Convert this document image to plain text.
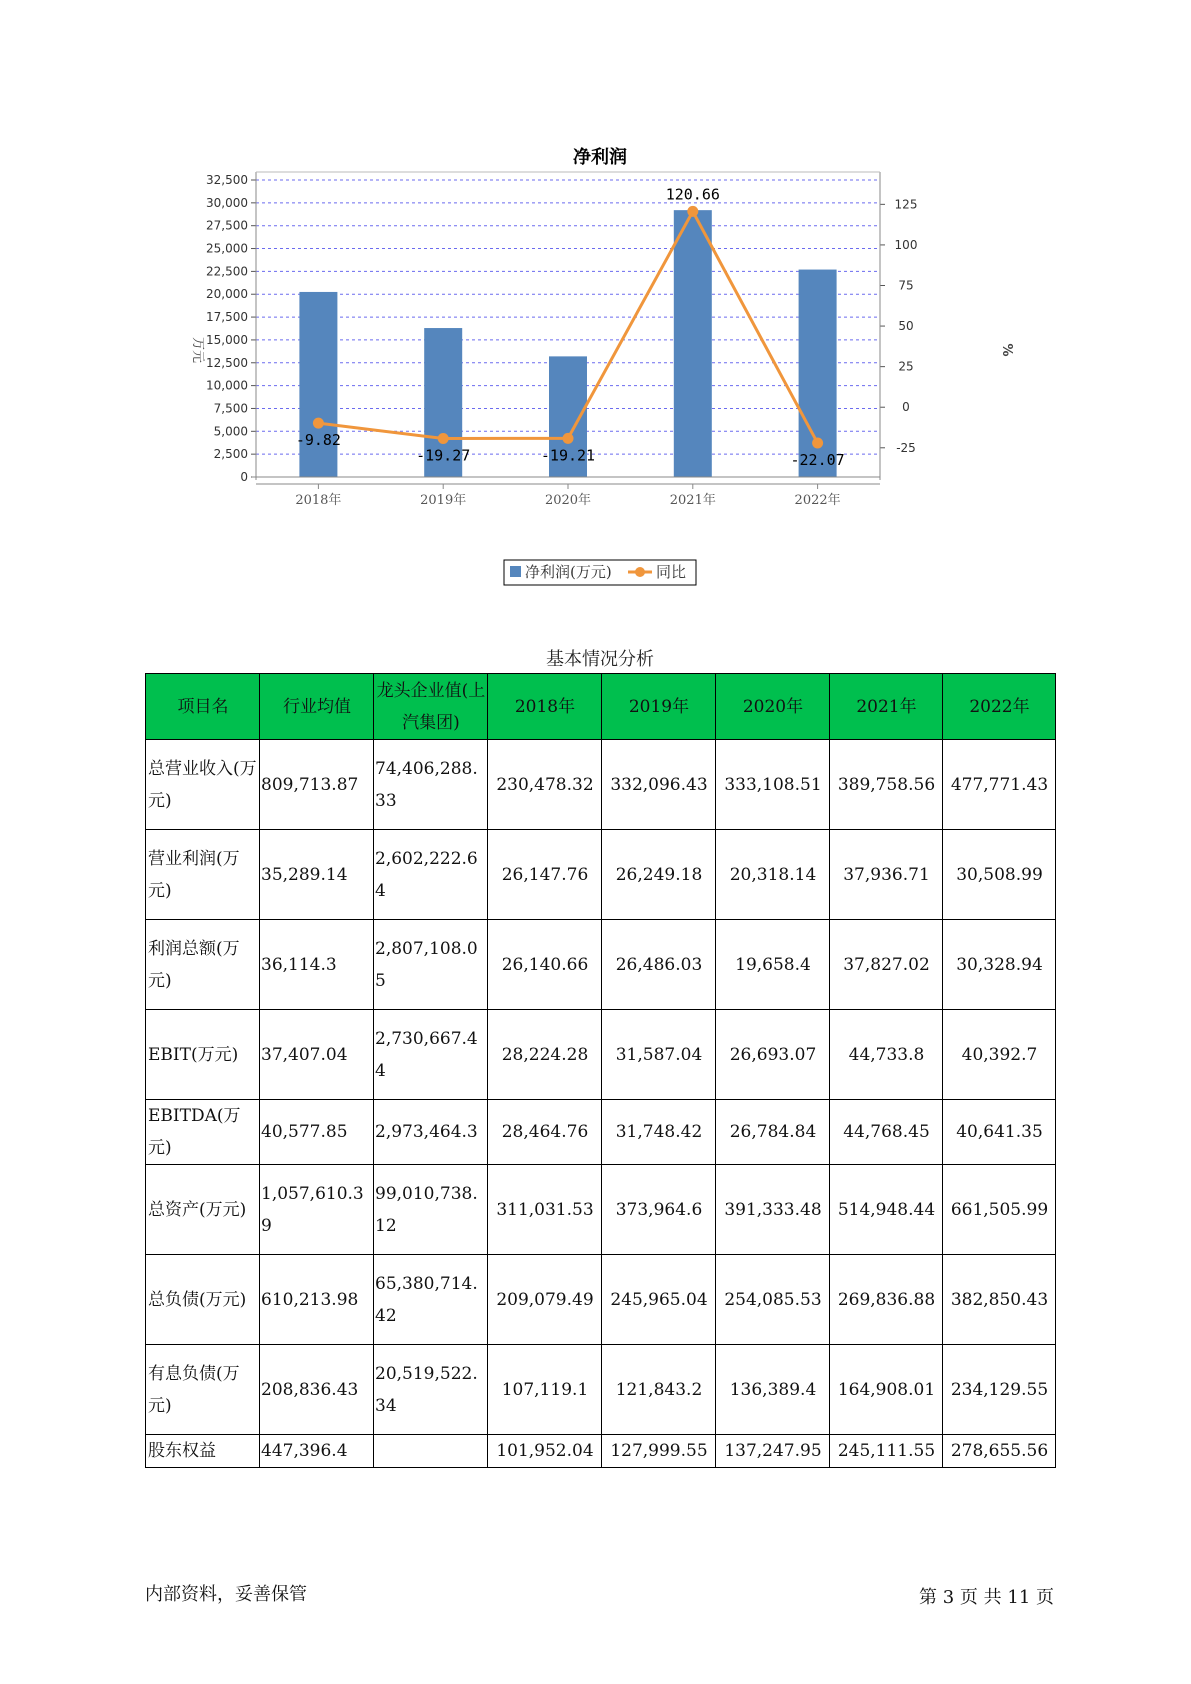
净利润
0
2,500
5,000
7,500
10,000
12,500
15,000
17,500
20,000
22,500
25,000
27,500
30,000
32,500
-25
0
25
50
75
100
125
万元	%
2018年	2019年	2020年	2021年	2022年
-9.82
-19.27	-19.21
120.66
-22.07
净利润(万元)	同比
基本情况分析
项目名	行业均值	龙头企业值(上汽集团)	2018年	2019年	2020年	2021年	2022年
总营业收入(万元)	809,713.87	74,406,288.33	230,478.32	332,096.43	333,108.51	389,758.56	477,771.43
营业利润(万元)	35,289.14	2,602,222.64	26,147.76	26,249.18	20,318.14	37,936.71	30,508.99
利润总额(万元)	36,114.3	2,807,108.05	26,140.66	26,486.03	19,658.4	37,827.02	30,328.94
EBIT(万元)	37,407.04	2,730,667.44	28,224.28	31,587.04	26,693.07	44,733.8	40,392.7
EBITDA(万元)	40,577.85	2,973,464.3	28,464.76	31,748.42	26,784.84	44,768.45	40,641.35
总资产(万元)	1,057,610.39	99,010,738.12	311,031.53	373,964.6	391,333.48	514,948.44	661,505.99
总负债(万元)	610,213.98	65,380,714.42	209,079.49	245,965.04	254,085.53	269,836.88	382,850.43
有息负债(万元)	208,836.43	20,519,522.34	107,119.1	121,843.2	136,389.4	164,908.01	234,129.55
股东权益	447,396.4		101,952.04	127,999.55	137,247.95	245,111.55	278,655.56
内部资料，妥善保管	第 3 页 共 11 页
